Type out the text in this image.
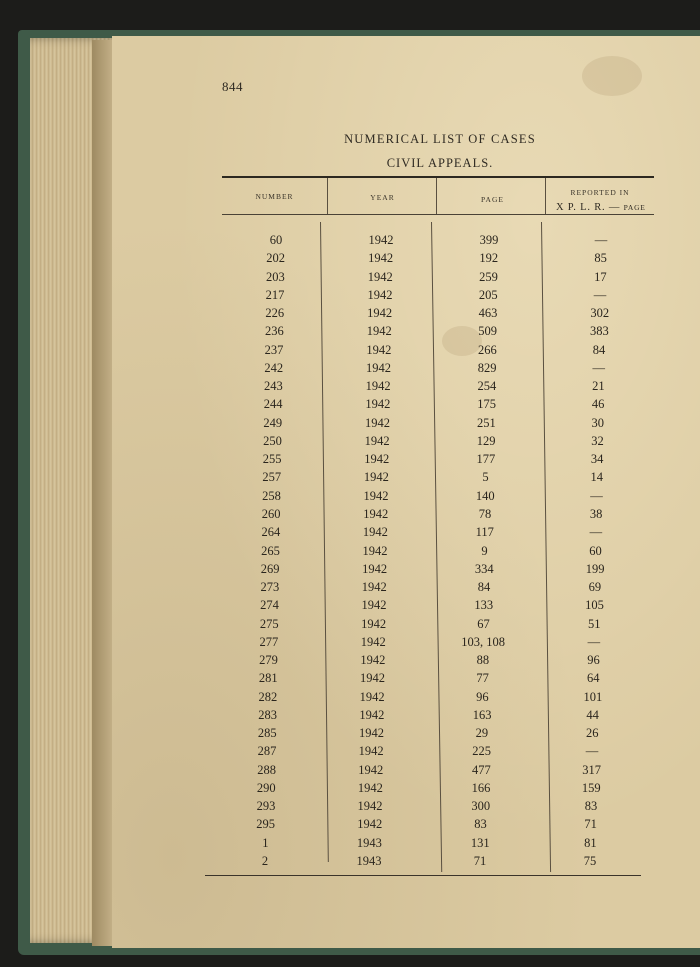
844
NUMERICAL LIST OF CASES
CIVIL APPEALS.
NUMBER	YEAR	PAGE
REPORTED IN
X P. L. R. — PAGE
60	1942	399	—
202	1942	192	85
203	1942	259	17
217	1942	205	—
226	1942	463	302
236	1942	509	383
237	1942	266	84
242	1942	829	—
243	1942	254	21
244	1942	175	46
249	1942	251	30
250	1942	129	32
255	1942	177	34
257	1942	5	14
258	1942	140	—
260	1942	78	38
264	1942	117	—
265	1942	9	60
269	1942	334	199
273	1942	84	69
274	1942	133	105
275	1942	67	51
277	1942	103, 108	—
279	1942	88	96
281	1942	77	64
282	1942	96	101
283	1942	163	44
285	1942	29	26
287	1942	225	—
288	1942	477	317
290	1942	166	159
293	1942	300	83
295	1942	83	71
1	1943	131	81
2	1943	71	75
